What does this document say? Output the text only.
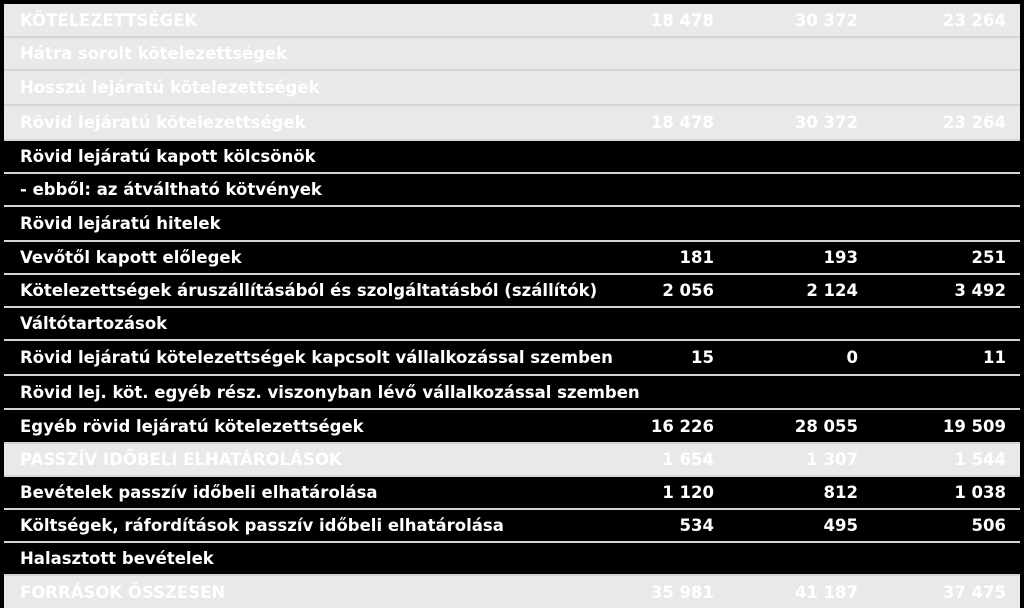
KÖTELEZETTSÉGEK	18 478	30 372	23 264
Hátra sorolt kötelezettségek
Hosszú lejáratú kötelezettségek
Rövid lejáratú kötelezettségek	18 478	30 372	23 264
Rövid lejáratú kapott kölcsönök
- ebből: az átváltható kötvények
Rövid lejáratú hitelek
Vevőtől kapott előlegek	181	193	251
Kötelezettségek áruszállításából és szolgáltatásból (szállítók)	2 056	2 124	3 492
Váltótartozások
Rövid lejáratú kötelezettségek kapcsolt vállalkozással szemben	15	0	11
Rövid lej. köt. egyéb rész. viszonyban lévő vállalkozással szemben
Egyéb rövid lejáratú kötelezettségek	16 226	28 055	19 509
PASSZÍV IDŐBELI ELHATÁROLÁSOK	1 654	1 307	1 544
Bevételek passzív időbeli elhatárolása	1 120	812	1 038
Költségek, ráfordítások passzív időbeli elhatárolása	534	495	506
Halasztott bevételek
FORRÁSOK ÖSSZESEN	35 981	41 187	37 475
